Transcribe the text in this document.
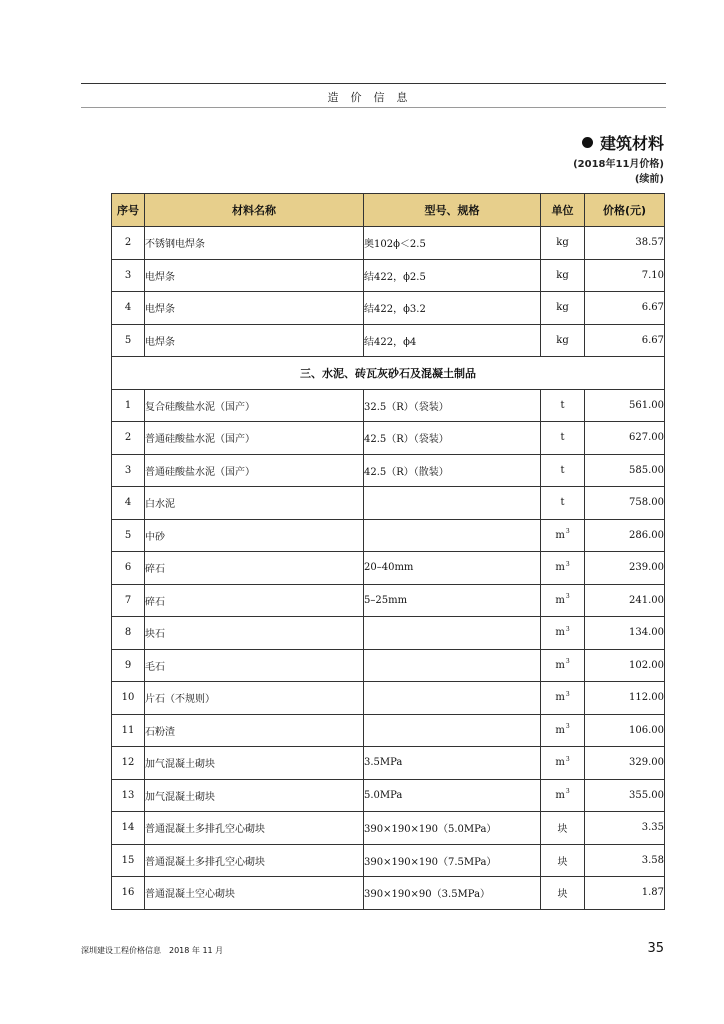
造价信息
建筑材料
(2018年11月价格)
(续前)
序号	材料名称	型号、规格	单位	价格(元)
2	不锈钢电焊条	奥102ϕ＜2.5	kg	38.57
3	电焊条	结422，ϕ2.5	kg	7.10
4	电焊条	结422，ϕ3.2	kg	6.67
5	电焊条	结422，ϕ4	kg	6.67
三、水泥、砖瓦灰砂石及混凝土制品				
1	复合硅酸盐水泥（国产）	32.5（R）（袋装）	t	561.00
2	普通硅酸盐水泥（国产）	42.5（R）（袋装）	t	627.00
3	普通硅酸盐水泥（国产）	42.5（R）（散装）	t	585.00
4	白水泥		t	758.00
5	中砂		$m^3$	286.00
6	碎石	20–40mm	$m^3$	239.00
7	碎石	5–25mm	$m^3$	241.00
8	块石		$m^3$	134.00
9	毛石		$m^3$	102.00
10	片石（不规则）		$m^3$	112.00
11	石粉渣		$m^3$	106.00
12	加气混凝土砌块	3.5MPa	$m^3$	329.00
13	加气混凝土砌块	5.0MPa	$m^3$	355.00
14	普通混凝土多排孔空心砌块	390×190×190（5.0MPa）	块	3.35
15	普通混凝土多排孔空心砌块	390×190×190（7.5MPa）	块	3.58
16	普通混凝土空心砌块	390×190×90（3.5MPa）	块	1.87
深圳建设工程价格信息　2018 年 11 月	35
